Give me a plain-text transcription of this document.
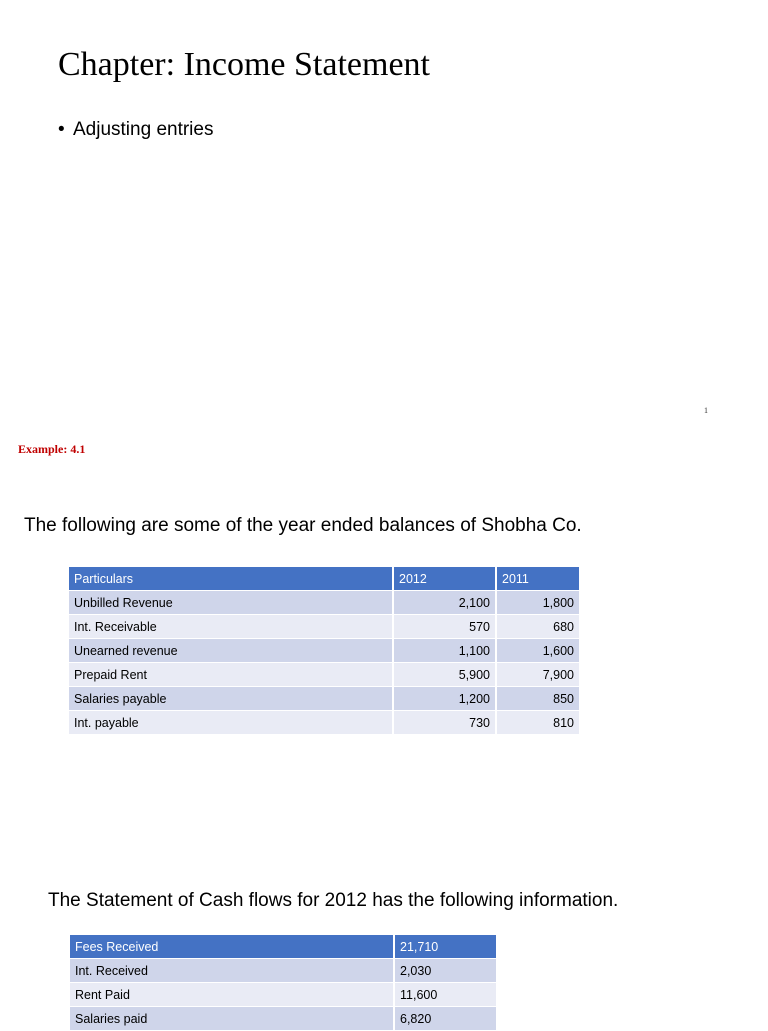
Chapter: Income Statement
• Adjusting entries
1
Example: 4.1
The following are some of the year ended balances of Shobha Co.
Particulars	2012	2011
Unbilled Revenue	2,100	1,800
Int. Receivable	570	680
Unearned revenue	1,100	1,600
Prepaid Rent	5,900	7,900
Salaries payable	1,200	850
Int. payable	730	810
The Statement of Cash flows for 2012 has the following information.
Fees Received	21,710
Int. Received	2,030
Rent Paid	11,600
Salaries paid	6,820
